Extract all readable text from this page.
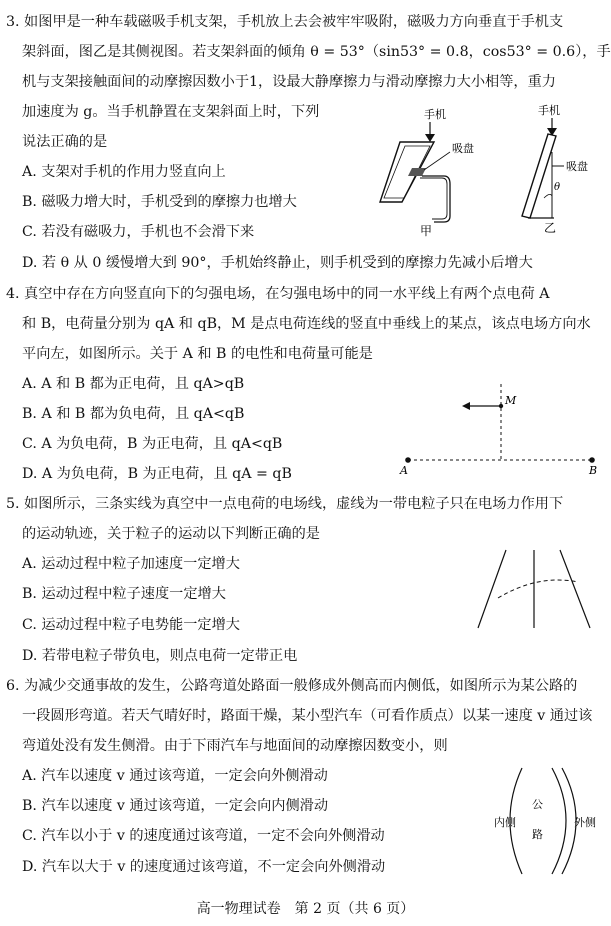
3. 如图甲是一种车载磁吸手机支架，手机放上去会被牢牢吸附，磁吸力方向垂直于手机支
架斜面，图乙是其侧视图。若支架斜面的倾角 θ = 53°（sin53° = 0.8，cos53° = 0.6），手
机与支架接触面间的动摩擦因数小于1，设最大静摩擦力与滑动摩擦力大小相等，重力
加速度为 g。当手机静置在支架斜面上时，下列
说法正确的是
A. 支架对手机的作用力竖直向上
B. 磁吸力增大时，手机受到的摩擦力也增大
C. 若没有磁吸力，手机也不会滑下来
D. 若 θ 从 0 缓慢增大到 90°，手机始终静止，则手机受到的摩擦力先减小后增大
手机
吸盘
甲
手机
吸盘
θ
乙
4. 真空中存在方向竖直向下的匀强电场，在匀强电场中的同一水平线上有两个点电荷 A
和 B，电荷量分别为 qA 和 qB，M 是点电荷连线的竖直中垂线上的某点，该点电场方向水
平向左，如图所示。关于 A 和 B 的电性和电荷量可能是
A. A 和 B 都为正电荷，且 qA>qB
B. A 和 B 都为负电荷，且 qA<qB
C. A 为负电荷，B 为正电荷，且 qA<qB
D. A 为负电荷，B 为正电荷，且 qA = qB
M
A	B
5. 如图所示，三条实线为真空中一点电荷的电场线，虚线为一带电粒子只在电场力作用下
的运动轨迹，关于粒子的运动以下判断正确的是
A. 运动过程中粒子加速度一定增大
B. 运动过程中粒子速度一定增大
C. 运动过程中粒子电势能一定增大
D. 若带电粒子带负电，则点电荷一定带正电
6. 为减少交通事故的发生，公路弯道处路面一般修成外侧高而内侧低，如图所示为某公路的
一段圆形弯道。若天气晴好时，路面干燥，某小型汽车（可看作质点）以某一速度 v 通过该
弯道处没有发生侧滑。由于下雨汽车与地面间的动摩擦因数变小，则
A. 汽车以速度 v 通过该弯道，一定会向外侧滑动
B. 汽车以速度 v 通过该弯道，一定会向内侧滑动
C. 汽车以小于 v 的速度通过该弯道，一定不会向外侧滑动
D. 汽车以大于 v 的速度通过该弯道，不一定会向外侧滑动
内侧
公
路
外侧
高一物理试卷　第 2 页（共 6 页）
